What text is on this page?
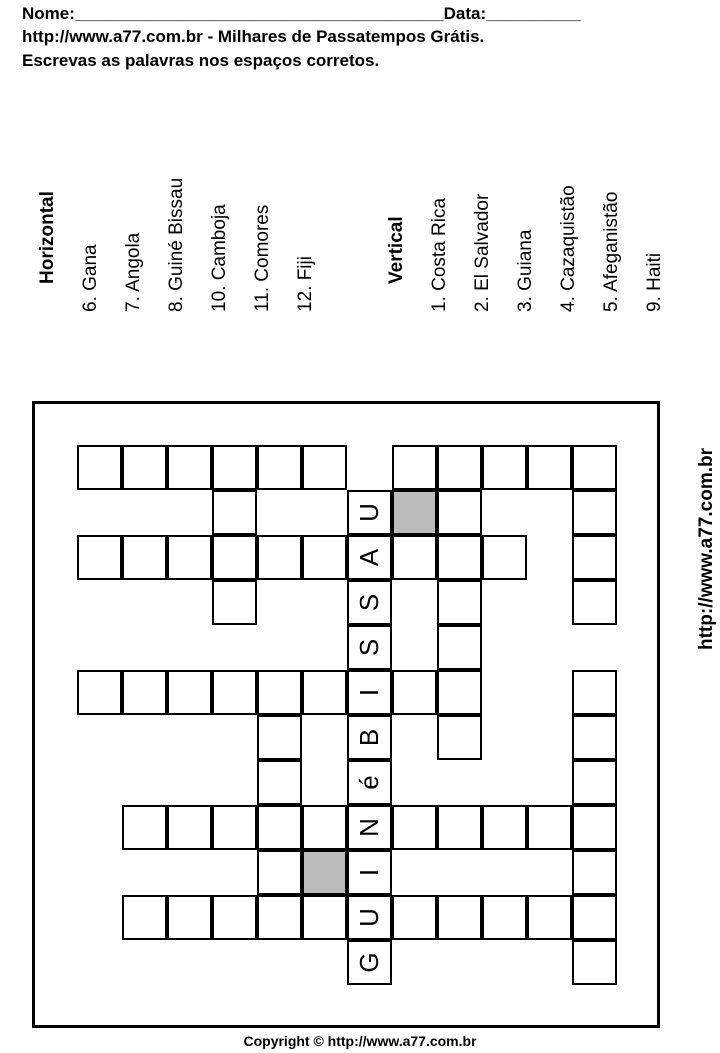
Nome:_______________________________________Data:__________
http://www.a77.com.br - Milhares de Passatempos Grátis.
Escrevas as palavras nos espaços corretos.
Horizontal 6. Gana 7. Angola 8. Guiné Bissau 10. Camboja 11. Comores 12. Fiji
Vertical 1. Costa Rica 2. El Salvador 3. Guiana 4. Cazaquistão 5. Afeganistão 9. Haiti
http://www.a77.com.br
G
U
I
N
é
B
I
S
S
A
U
Copyright © http://www.a77.com.br
